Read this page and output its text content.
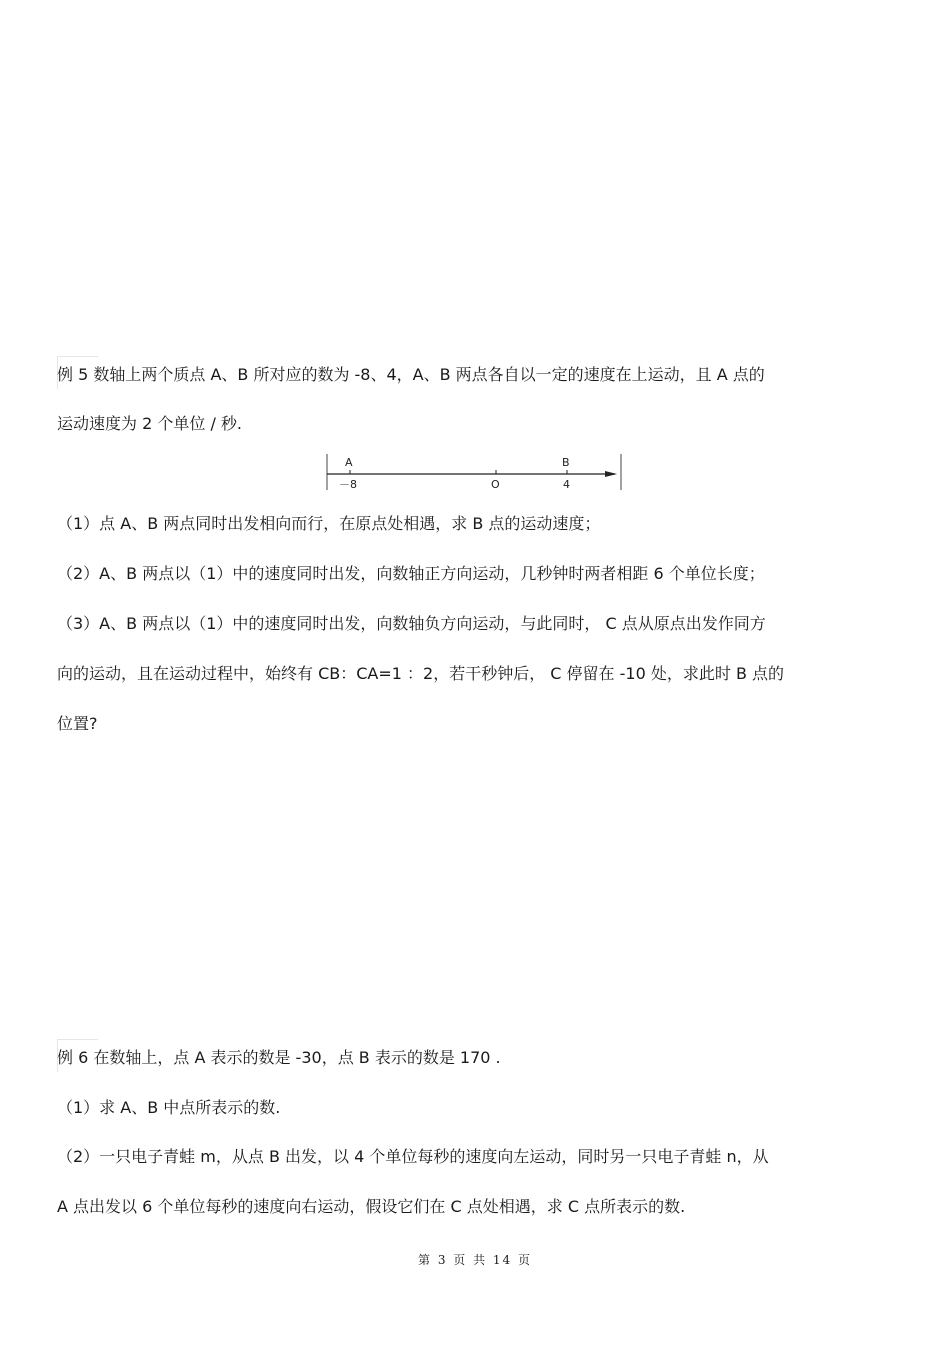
例 5 数轴上两个质点 A、B 所对应的数为 -8、4，A、B 两点各自以一定的速度在上运动，且 A 点的
运动速度为 2 个单位 / 秒.
A	B
－8	O	4
（1）点 A、B 两点同时出发相向而行，在原点处相遇，求 B 点的运动速度；
（2）A、B 两点以（1）中的速度同时出发，向数轴正方向运动，几秒钟时两者相距 6 个单位长度；
（3）A、B 两点以（1）中的速度同时出发，向数轴负方向运动，与此同时， C 点从原点出发作同方
向的运动，且在运动过程中，始终有 CB：CA=1 ：2，若干秒钟后， C 停留在 -10 处，求此时 B 点的
位置?
例 6 在数轴上，点 A 表示的数是 -30，点 B 表示的数是 170 .
（1）求 A、B 中点所表示的数.
（2）一只电子青蛙 m，从点 B 出发，以 4 个单位每秒的速度向左运动，同时另一只电子青蛙 n，从
A 点出发以 6 个单位每秒的速度向右运动，假设它们在 C 点处相遇，求 C 点所表示的数.
第 3 页 共 14 页
